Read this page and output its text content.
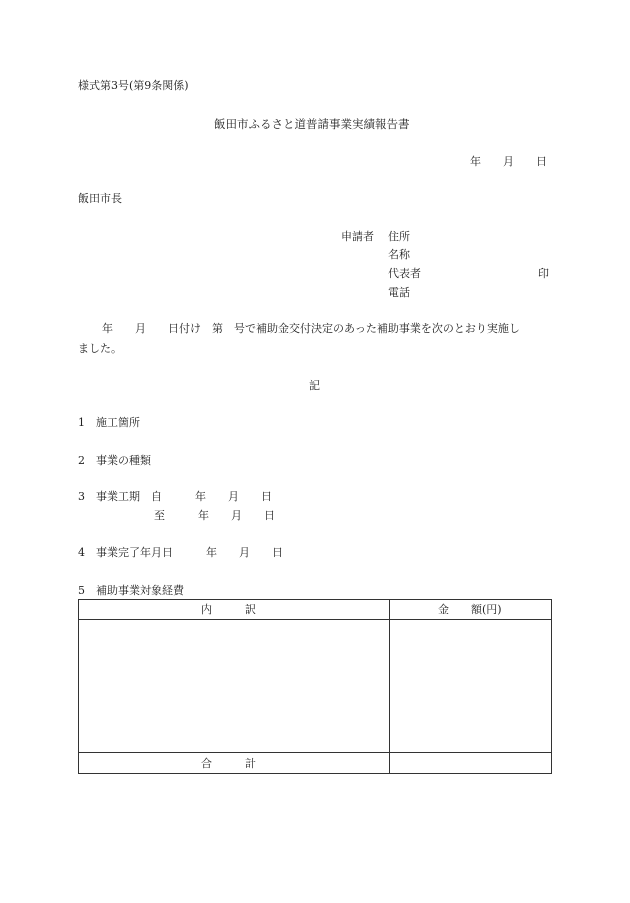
様式第3号(第9条関係)
飯田市ふるさと道普請事業実績報告書
年　　月　　日
飯田市長
申請者 住所
名称
代表者	印
電話
年　　月　　日付け　第　号で補助金交付決定のあった補助事業を次のとおり実施し
ました。
記
1　施工箇所
2　事業の種類
3　事業工期　自　　　年　　月　　日
至　　　年　　月　　日
4　事業完了年月日　　　年　　月　　日
5　補助事業対象経費
内　　　訳	金　　額(円)
合　　　計
